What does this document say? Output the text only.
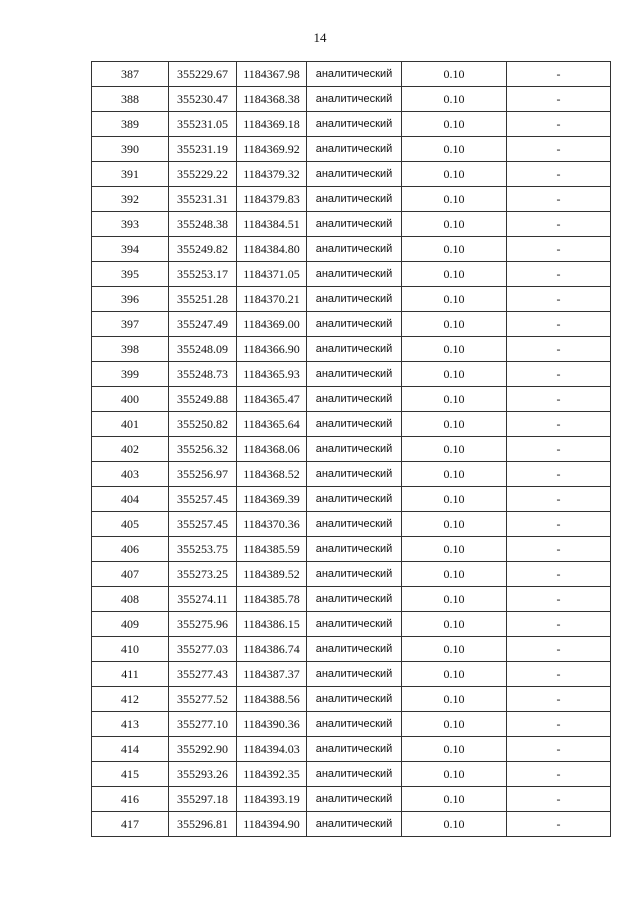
14
387	355229.67	1184367.98	аналитический	0.10	-
388	355230.47	1184368.38	аналитический	0.10	-
389	355231.05	1184369.18	аналитический	0.10	-
390	355231.19	1184369.92	аналитический	0.10	-
391	355229.22	1184379.32	аналитический	0.10	-
392	355231.31	1184379.83	аналитический	0.10	-
393	355248.38	1184384.51	аналитический	0.10	-
394	355249.82	1184384.80	аналитический	0.10	-
395	355253.17	1184371.05	аналитический	0.10	-
396	355251.28	1184370.21	аналитический	0.10	-
397	355247.49	1184369.00	аналитический	0.10	-
398	355248.09	1184366.90	аналитический	0.10	-
399	355248.73	1184365.93	аналитический	0.10	-
400	355249.88	1184365.47	аналитический	0.10	-
401	355250.82	1184365.64	аналитический	0.10	-
402	355256.32	1184368.06	аналитический	0.10	-
403	355256.97	1184368.52	аналитический	0.10	-
404	355257.45	1184369.39	аналитический	0.10	-
405	355257.45	1184370.36	аналитический	0.10	-
406	355253.75	1184385.59	аналитический	0.10	-
407	355273.25	1184389.52	аналитический	0.10	-
408	355274.11	1184385.78	аналитический	0.10	-
409	355275.96	1184386.15	аналитический	0.10	-
410	355277.03	1184386.74	аналитический	0.10	-
411	355277.43	1184387.37	аналитический	0.10	-
412	355277.52	1184388.56	аналитический	0.10	-
413	355277.10	1184390.36	аналитический	0.10	-
414	355292.90	1184394.03	аналитический	0.10	-
415	355293.26	1184392.35	аналитический	0.10	-
416	355297.18	1184393.19	аналитический	0.10	-
417	355296.81	1184394.90	аналитический	0.10	-
